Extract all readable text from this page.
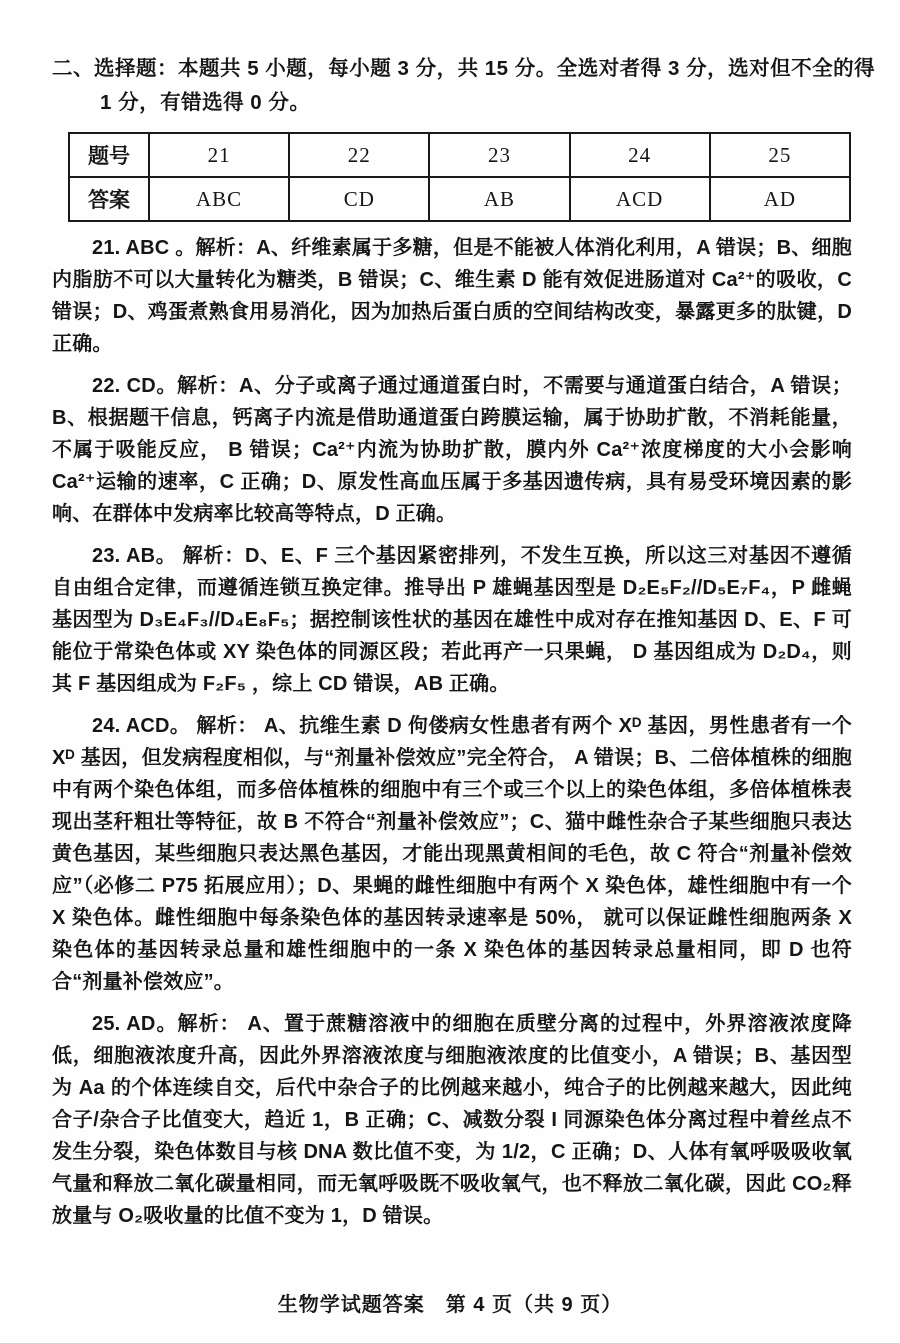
二、选择题：本题共 5 小题，每小题 3 分，共 15 分。全选对者得 3 分，选对但不全的得
1 分，有错选得 0 分。
题号	21	22	23	24	25
答案	ABC	CD	AB	ACD	AD

21. ABC 。解析：A、纤维素属于多糖，但是不能被人体消化利用，A 错误；B、细胞内脂肪不可以大量转化为糖类，B 错误；C、维生素 D 能有效促进肠道对 Ca²⁺的吸收，C 错误；D、鸡蛋煮熟食用易消化，因为加热后蛋白质的空间结构改变，暴露更多的肽键，D 正确。

22. CD。解析：A、分子或离子通过通道蛋白时，不需要与通道蛋白结合，A 错误；B、根据题干信息，钙离子内流是借助通道蛋白跨膜运输，属于协助扩散，不消耗能量，不属于吸能反应， B 错误；Ca²⁺内流为协助扩散，膜内外 Ca²⁺浓度梯度的大小会影响 Ca²⁺运输的速率，C 正确；D、原发性高血压属于多基因遗传病，具有易受环境因素的影响、在群体中发病率比较高等特点，D 正确。

23. AB。 解析：D、E、F 三个基因紧密排列，不发生互换，所以这三对基因不遵循自由组合定律，而遵循连锁互换定律。推导出 P 雄蝇基因型是 D₂E₅F₂//D₅E₇F₄，P 雌蝇基因型为 D₃E₄F₃//D₄E₈F₅；据控制该性状的基因在雄性中成对存在推知基因 D、E、F 可能位于常染色体或 XY 染色体的同源区段；若此再产一只果蝇， D 基因组成为 D₂D₄，则其 F 基因组成为 F₂F₅ ，综上 CD 错误，AB 正确。

24. ACD。 解析： A、抗维生素 D 佝偻病女性患者有两个 Xᴰ 基因，男性患者有一个 Xᴰ 基因，但发病程度相似，与“剂量补偿效应”完全符合， A 错误；B、二倍体植株的细胞中有两个染色体组，而多倍体植株的细胞中有三个或三个以上的染色体组，多倍体植株表现出茎秆粗壮等特征，故 B 不符合“剂量补偿效应”；C、猫中雌性杂合子某些细胞只表达黄色基因，某些细胞只表达黑色基因，才能出现黑黄相间的毛色，故 C 符合“剂量补偿效应”（必修二 P75 拓展应用）；D、果蝇的雌性细胞中有两个 X 染色体，雄性细胞中有一个 X 染色体。雌性细胞中每条染色体的基因转录速率是 50%， 就可以保证雌性细胞两条 X 染色体的基因转录总量和雄性细胞中的一条 X 染色体的基因转录总量相同，即 D 也符合“剂量补偿效应”。

25. AD。解析： A、置于蔗糖溶液中的细胞在质壁分离的过程中，外界溶液浓度降低，细胞液浓度升高，因此外界溶液浓度与细胞液浓度的比值变小，A 错误；B、基因型为 Aa 的个体连续自交，后代中杂合子的比例越来越小，纯合子的比例越来越大，因此纯合子/杂合子比值变大，趋近 1，B 正确；C、减数分裂 I 同源染色体分离过程中着丝点不发生分裂，染色体数目与核 DNA 数比值不变，为 1/2，C 正确；D、人体有氧呼吸吸收氧气量和释放二氧化碳量相同，而无氧呼吸既不吸收氧气，也不释放二氧化碳，因此 CO₂释放量与 O₂吸收量的比值不变为 1，D 错误。

生物学试题答案　第 4 页（共 9 页）
